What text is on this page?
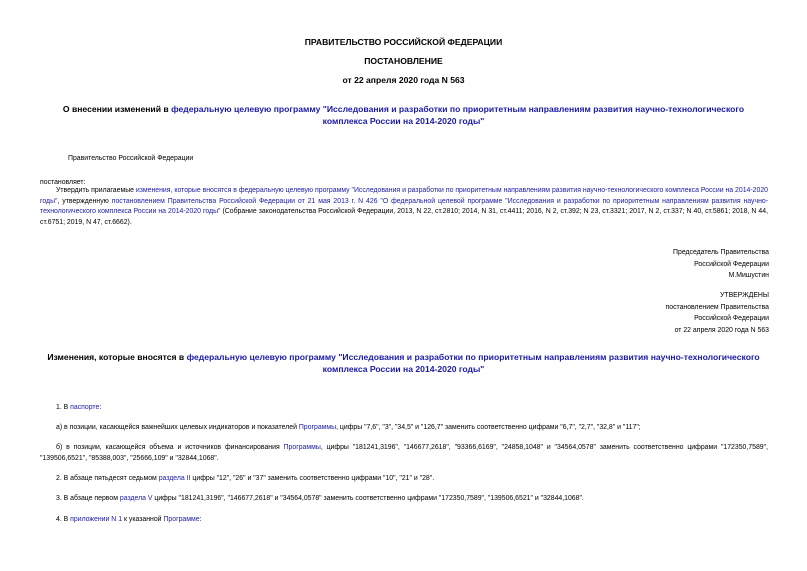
ПРАВИТЕЛЬСТВО РОССИЙСКОЙ ФЕДЕРАЦИИ
ПОСТАНОВЛЕНИЕ
от 22 апреля 2020 года N 563
О внесении изменений в федеральную целевую программу "Исследования и разработки по приоритетным направлениям развития научно-технологического комплекса России на 2014-2020 годы"
Правительство Российской Федерации
постановляет:
Утвердить прилагаемые изменения, которые вносятся в федеральную целевую программу "Исследования и разработки по приоритетным направлениям развития научно-технологического комплекса России на 2014-2020 годы", утвержденную постановлением Правительства Российской Федерации от 21 мая 2013 г. N 426 "О федеральной целевой программе "Исследования и разработки по приоритетным направлениям развития научно-технологического комплекса России на 2014-2020 годы" (Собрание законодательства Российской Федерации, 2013, N 22, ст.2810; 2014, N 31, ст.4411; 2016, N 2, ст.392; N 23, ст.3321; 2017, N 2, ст.337; N 40, ст.5861; 2018, N 44, ст.6751; 2019, N 47, ст.6662).
Председатель Правительства
Российской Федерации
М.Мишустин
УТВЕРЖДЕНЫ
постановлением Правительства
Российской Федерации
от 22 апреля 2020 года N 563
Изменения, которые вносятся в федеральную целевую программу "Исследования и разработки по приоритетным направлениям развития научно-технологического комплекса России на 2014-2020 годы"
1. В паспорте:
а) в позиции, касающейся важнейших целевых индикаторов и показателей Программы, цифры "7,6", "3", "34,5" и "126,7" заменить соответственно цифрами "6,7", "2,7", "32,8" и "117";
б) в позиции, касающейся объема и источников финансирования Программы, цифры "181241,3196", "146677,2618", "93366,6169", "24858,1048" и "34564,0578" заменить соответственно цифрами "172350,7589", "139506,6521", "85388,003", "25666,109" и "32844,1068".
2. В абзаце пятьдесят седьмом раздела II цифры "12", "26" и "37" заменить соответственно цифрами "10", "21" и "28".
3. В абзаце первом раздела V цифры "181241,3196", "146677,2618" и "34564,0578" заменить соответственно цифрами "172350,7589", "139506,6521" и "32844,1068".
4. В приложении N 1 к указанной Программе:
